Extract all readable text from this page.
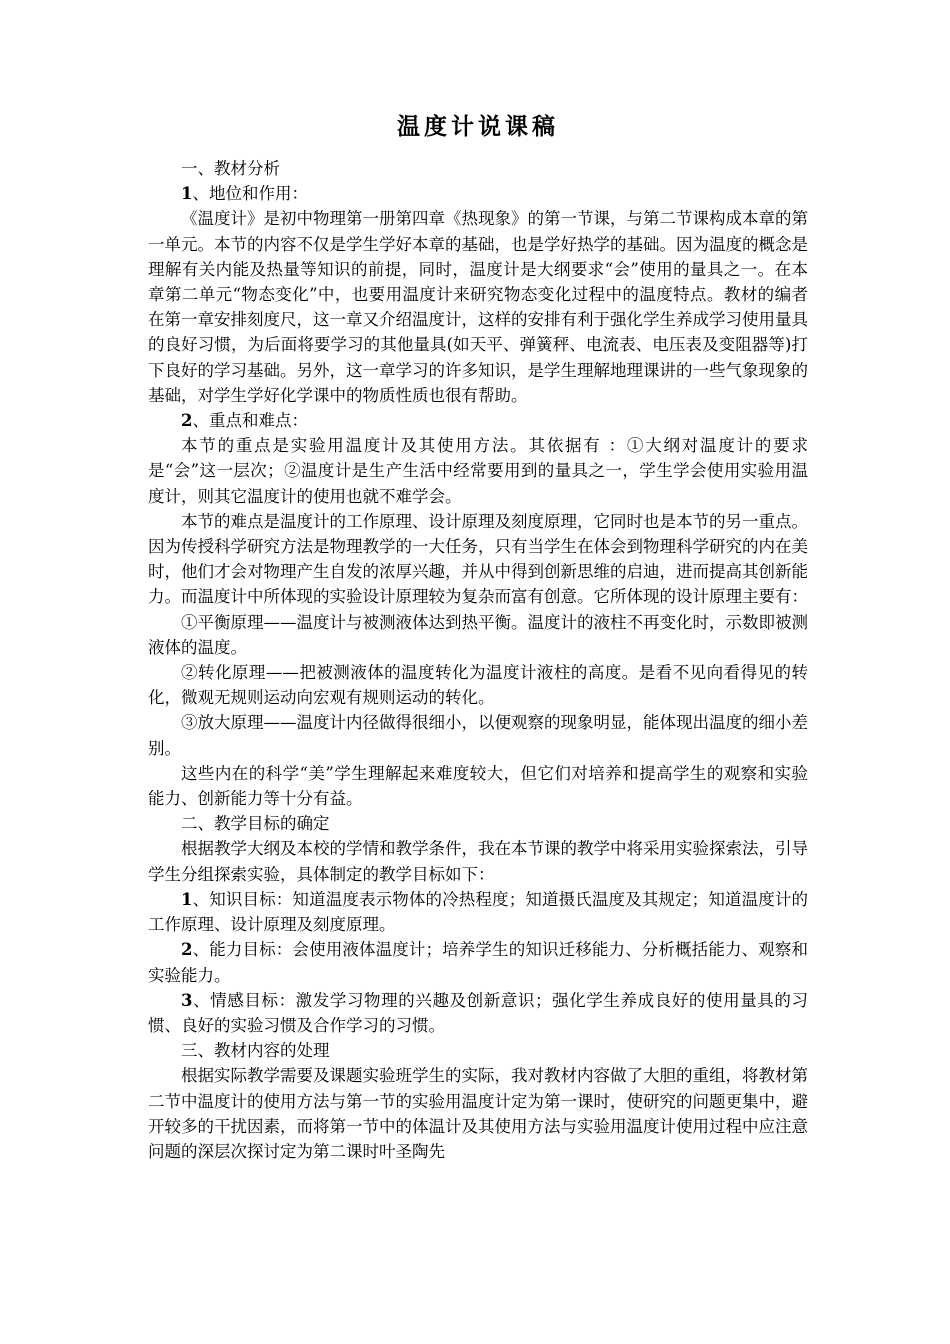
温度计说课稿

一、教材分析

1、地位和作用：

《温度计》是初中物理第一册第四章《热现象》的第一节课，与第二节课构成本章的第一单元。本节的内容不仅是学生学好本章的基础，也是学好热学的基础。因为温度的概念是理解有关内能及热量等知识的前提，同时，温度计是大纲要求“会”使用的量具之一。在本章第二单元“物态变化”中，也要用温度计来研究物态变化过程中的温度特点。教材的编者在第一章安排刻度尺，这一章又介绍温度计，这样的安排有利于强化学生养成学习使用量具的良好习惯，为后面将要学习的其他量具(如天平、弹簧秤、电流表、电压表及变阻器等)打下良好的学习基础。另外，这一章学习的许多知识，是学生理解地理课讲的一些气象现象的基础，对学生学好化学课中的物质性质也很有帮助。

2、重点和难点：

本节的重点是实验用温度计及其使用方法。其依据有 ：①大纲对温度计的要求是“会”这一层次；②温度计是生产生活中经常要用到的量具之一，学生学会使用实验用温度计，则其它温度计的使用也就不难学会。

本节的难点是温度计的工作原理、设计原理及刻度原理，它同时也是本节的另一重点。因为传授科学研究方法是物理教学的一大任务，只有当学生在体会到物理科学研究的内在美时，他们才会对物理产生自发的浓厚兴趣，并从中得到创新思维的启迪，进而提高其创新能力。而温度计中所体现的实验设计原理较为复杂而富有创意。它所体现的设计原理主要有：

①平衡原理——温度计与被测液体达到热平衡。温度计的液柱不再变化时，示数即被测液体的温度。

②转化原理——把被测液体的温度转化为温度计液柱的高度。是看不见向看得见的转化，微观无规则运动向宏观有规则运动的转化。

③放大原理——温度计内径做得很细小，以便观察的现象明显，能体现出温度的细小差别。

这些内在的科学“美”学生理解起来难度较大，但它们对培养和提高学生的观察和实验能力、创新能力等十分有益。

二、教学目标的确定

根据教学大纲及本校的学情和教学条件，我在本节课的教学中将采用实验探索法，引导学生分组探索实验，具体制定的教学目标如下：

1、知识目标：知道温度表示物体的冷热程度；知道摄氏温度及其规定；知道温度计的工作原理、设计原理及刻度原理。

2、能力目标：会使用液体温度计；培养学生的知识迁移能力、分析概括能力、观察和实验能力。

3、情感目标：激发学习物理的兴趣及创新意识；强化学生养成良好的使用量具的习惯、良好的实验习惯及合作学习的习惯。

三、教材内容的处理

根据实际教学需要及课题实验班学生的实际，我对教材内容做了大胆的重组，将教材第二节中温度计的使用方法与第一节的实验用温度计定为第一课时，使研究的问题更集中，避开较多的干扰因素，而将第一节中的体温计及其使用方法与实验用温度计使用过程中应注意问题的深层次探讨定为第二课时叶圣陶先
